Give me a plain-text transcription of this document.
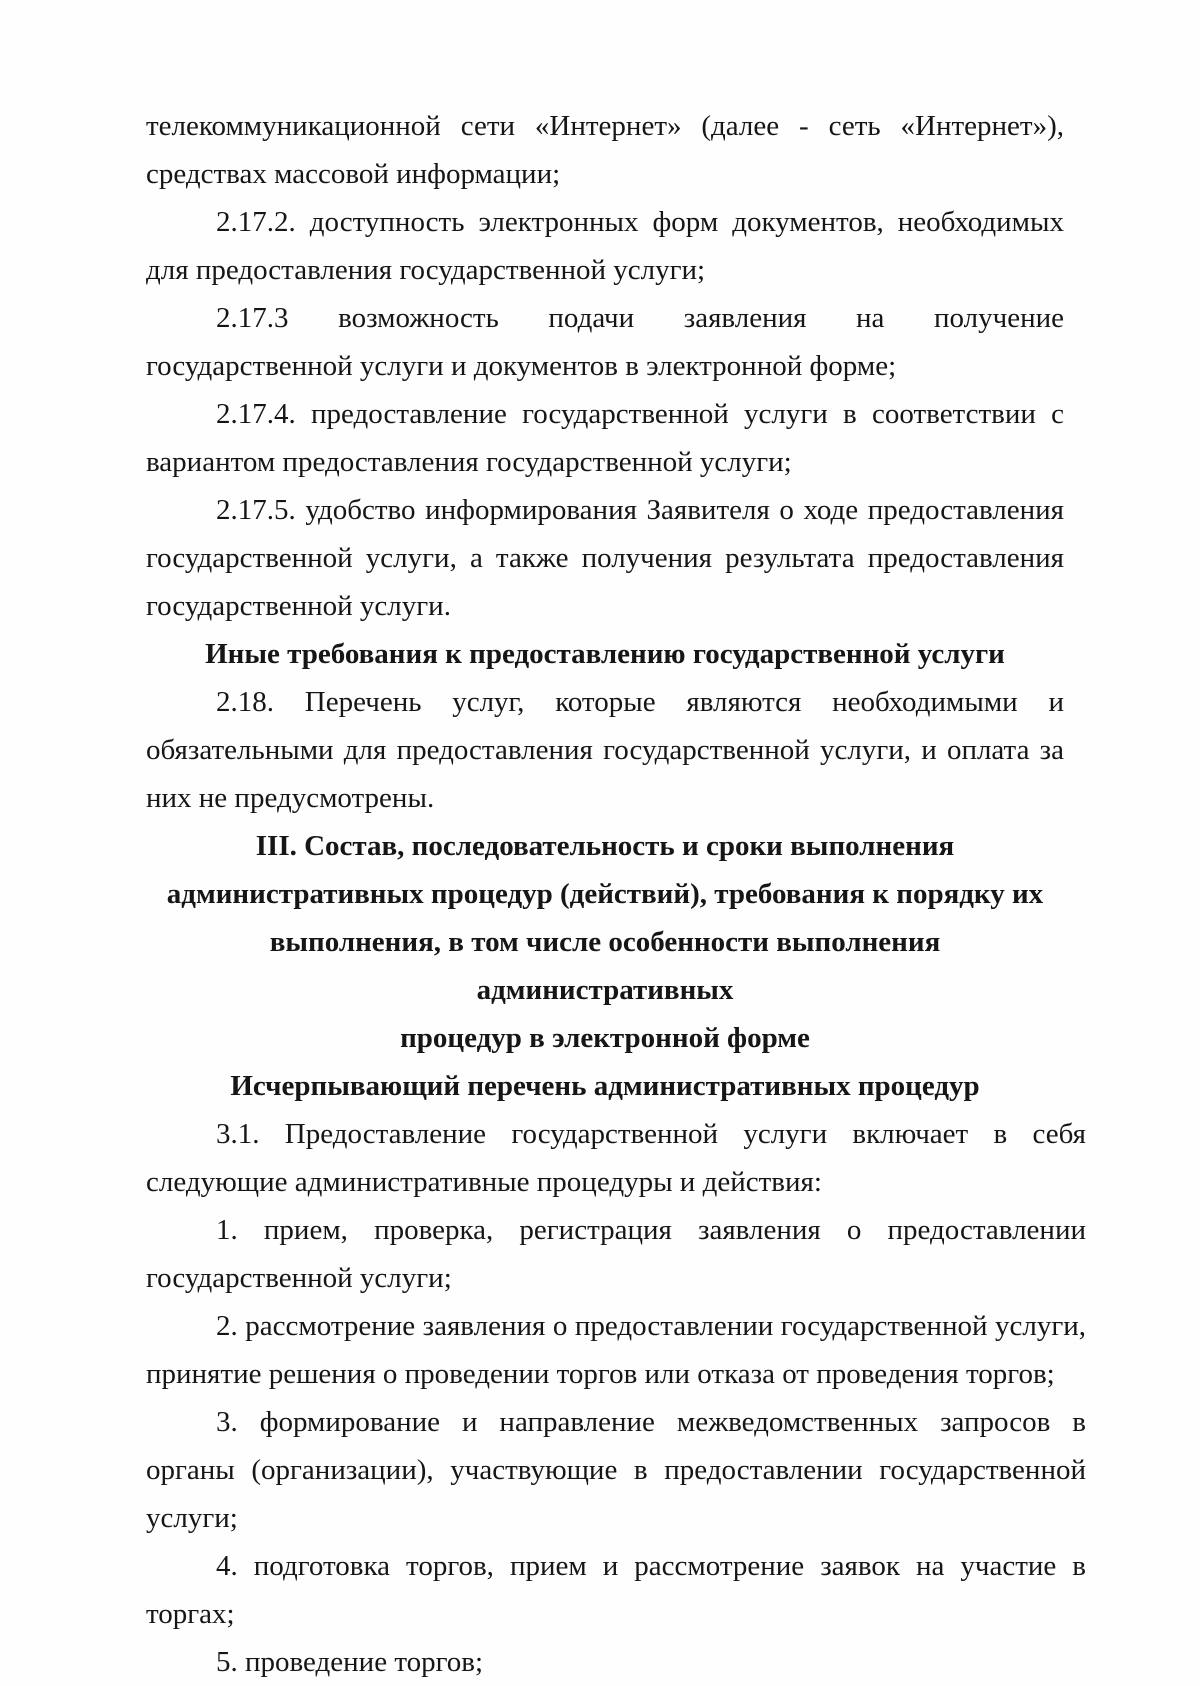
телекоммуникационной сети «Интернет» (далее - сеть «Интернет»), средствах массовой информации;

2.17.2. доступность электронных форм документов, необходимых для предоставления государственной услуги;

2.17.3 возможность подачи заявления на получение государственной услуги и документов в электронной форме;

2.17.4. предоставление государственной услуги в соответствии с вариантом предоставления государственной услуги;

2.17.5. удобство информирования Заявителя о ходе предоставления государственной услуги, а также получения результата предоставления государственной услуги.

Иные требования к предоставлению государственной услуги

2.18. Перечень услуг, которые являются необходимыми и обязательными для предоставления государственной услуги, и оплата за них не предусмотрены.

III. Состав, последовательность и сроки выполнения
административных процедур (действий), требования к порядку их
выполнения, в том числе особенности выполнения административных
процедур в электронной форме
Исчерпывающий перечень административных процедур

3.1. Предоставление государственной услуги включает в себя следующие административные процедуры и действия:

1. прием, проверка, регистрация заявления о предоставлении государственной услуги;

2. рассмотрение заявления о предоставлении государственной услуги, принятие решения о проведении торгов или отказа от проведения торгов;

3. формирование и направление межведомственных запросов в органы (организации), участвующие в предоставлении государственной услуги;

4. подготовка торгов, прием и рассмотрение заявок на участие в торгах;

5. проведение торгов;
